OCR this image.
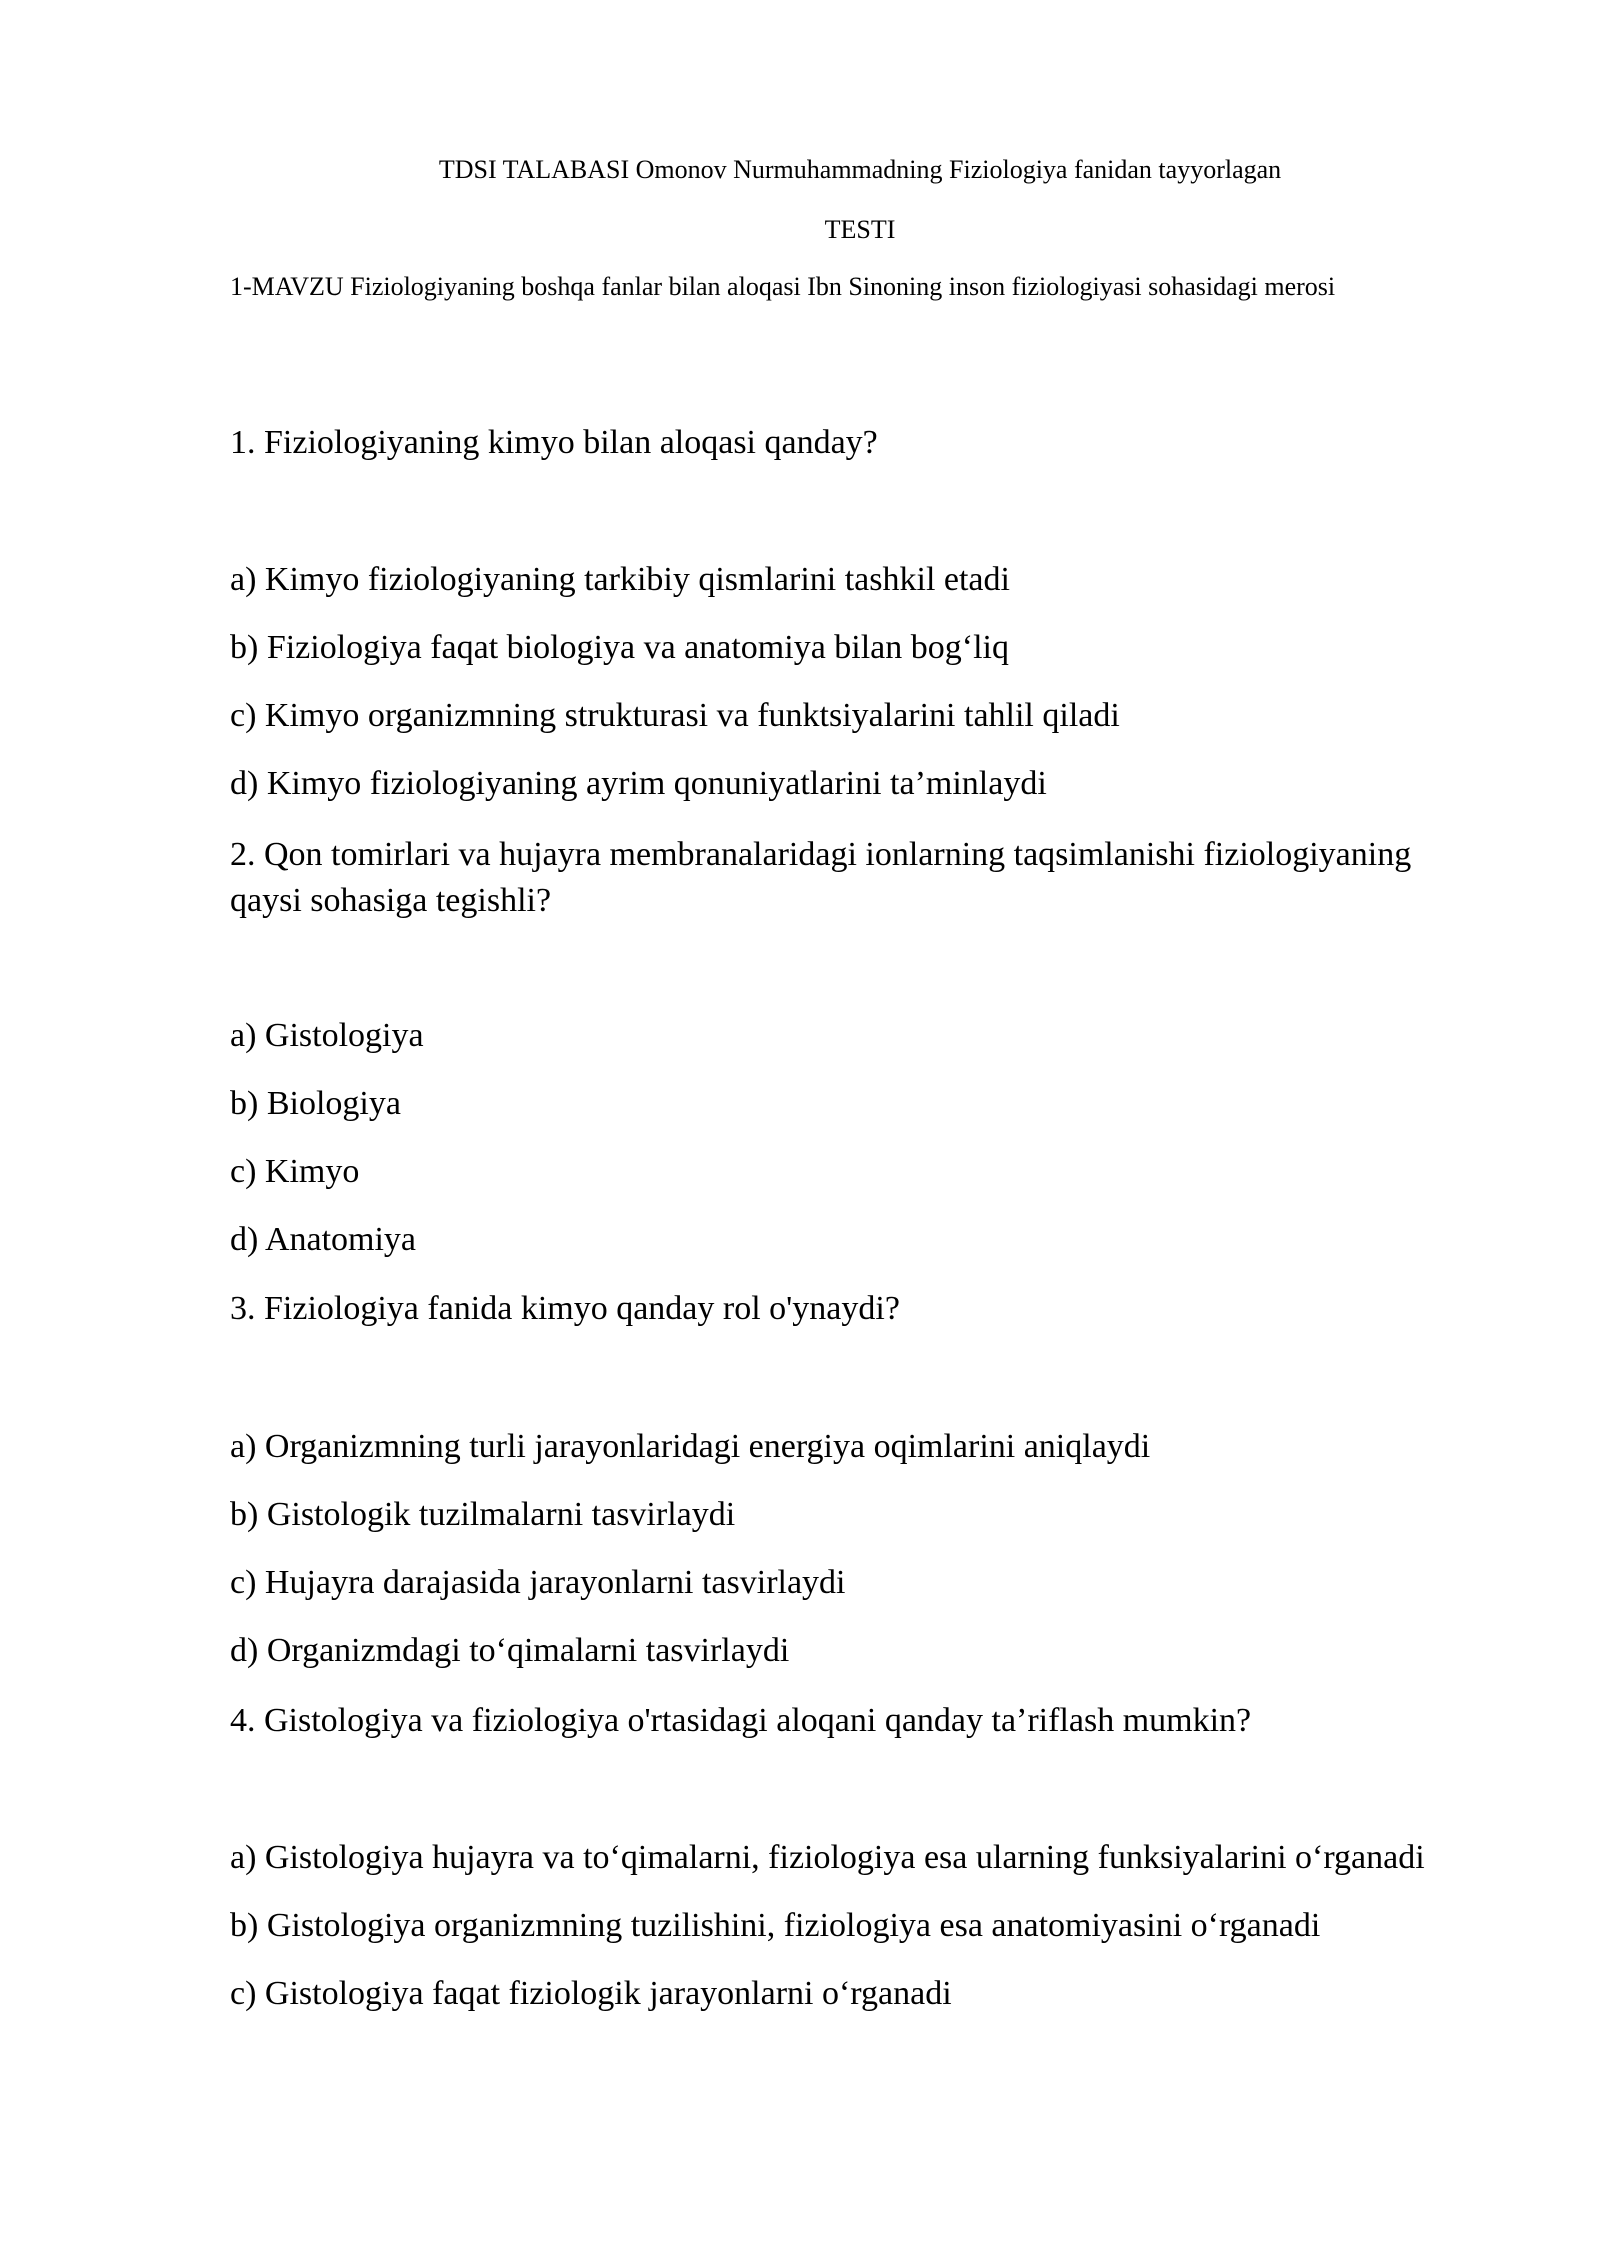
TDSI TALABASI Omonov Nurmuhammadning Fiziologiya fanidan tayyorlagan
TESTI
1-MAVZU Fiziologiyaning boshqa fanlar bilan aloqasi Ibn Sinoning inson fiziologiyasi sohasidagi merosi
1. Fiziologiyaning kimyo bilan aloqasi qanday?
a) Kimyo fiziologiyaning tarkibiy qismlarini tashkil etadi
b) Fiziologiya faqat biologiya va anatomiya bilan bog‘liq
c) Kimyo organizmning strukturasi va funktsiyalarini tahlil qiladi
d) Kimyo fiziologiyaning ayrim qonuniyatlarini ta’minlaydi
2. Qon tomirlari va hujayra membranalaridagi ionlarning taqsimlanishi fiziologiyaning qaysi sohasiga tegishli?
a) Gistologiya
b) Biologiya
c) Kimyo
d) Anatomiya
3. Fiziologiya fanida kimyo qanday rol o'ynaydi?
a) Organizmning turli jarayonlaridagi energiya oqimlarini aniqlaydi
b) Gistologik tuzilmalarni tasvirlaydi
c) Hujayra darajasida jarayonlarni tasvirlaydi
d) Organizmdagi to‘qimalarni tasvirlaydi
4. Gistologiya va fiziologiya o'rtasidagi aloqani qanday ta’riflash mumkin?
a) Gistologiya hujayra va to‘qimalarni, fiziologiya esa ularning funksiyalarini o‘rganadi
b) Gistologiya organizmning tuzilishini, fiziologiya esa anatomiyasini o‘rganadi
c) Gistologiya faqat fiziologik jarayonlarni o‘rganadi
